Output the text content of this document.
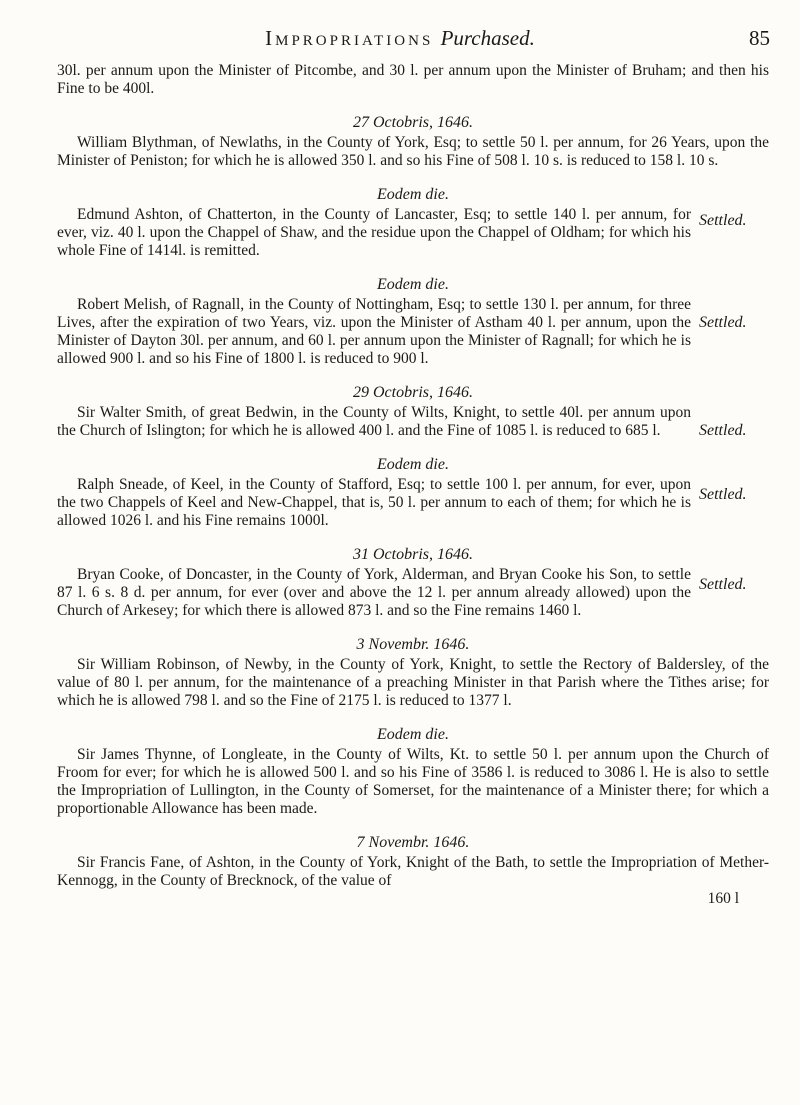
Impropriations Purchased.	85

30l. per annum upon the Minister of Pitcombe, and 30 l. per annum upon the Minister of Bruham; and then his Fine to be 400l.

27 Octobris, 1646.

William Blythman, of Newlaths, in the County of York, Esq; to settle 50 l. per annum, for 26 Years, upon the Minister of Peniston; for which he is allowed 350 l. and so his Fine of 508 l. 10 s. is reduced to 158 l. 10 s.

Eodem die.
Settled.

Edmund Ashton, of Chatterton, in the County of Lancaster, Esq; to settle 140 l. per annum, for ever, viz. 40 l. upon the Chappel of Shaw, and the residue upon the Chappel of Oldham; for which his whole Fine of 1414l. is remitted.

Eodem die.
Settled.

Robert Melish, of Ragnall, in the County of Nottingham, Esq; to settle 130 l. per annum, for three Lives, after the expiration of two Years, viz. upon the Minister of Astham 40 l. per annum, upon the Minister of Dayton 30l. per annum, and 60 l. per annum upon the Minister of Ragnall; for which he is allowed 900 l. and so his Fine of 1800 l. is reduced to 900 l.

29 Octobris, 1646.
Settled.

Sir Walter Smith, of great Bedwin, in the County of Wilts, Knight, to settle 40l. per annum upon the Church of Islington; for which he is allowed 400 l. and the Fine of 1085 l. is reduced to 685 l.

Eodem die.
Settled.

Ralph Sneade, of Keel, in the County of Stafford, Esq; to settle 100 l. per annum, for ever, upon the two Chappels of Keel and New-Chappel, that is, 50 l. per annum to each of them; for which he is allowed 1026 l. and his Fine remains 1000l.

31 Octobris, 1646.
Settled.

Bryan Cooke, of Doncaster, in the County of York, Alderman, and Bryan Cooke his Son, to settle 87 l. 6 s. 8 d. per annum, for ever (over and above the 12 l. per annum already allowed) upon the Church of Arkesey; for which there is allowed 873 l. and so the Fine remains 1460 l.

3 Novembr. 1646.

Sir William Robinson, of Newby, in the County of York, Knight, to settle the Rectory of Baldersley, of the value of 80 l. per annum, for the maintenance of a preaching Minister in that Parish where the Tithes arise; for which he is allowed 798 l. and so the Fine of 2175 l. is reduced to 1377 l.

Eodem die.

Sir James Thynne, of Longleate, in the County of Wilts, Kt. to settle 50 l. per annum upon the Church of Froom for ever; for which he is allowed 500 l. and so his Fine of 3586 l. is reduced to 3086 l. He is also to settle the Impropriation of Lullington, in the County of Somerset, for the maintenance of a Minister there; for which a proportionable Allowance has been made.

7 Novembr. 1646.

Sir Francis Fane, of Ashton, in the County of York, Knight of the Bath, to settle the Impropriation of Mether-Kennogg, in the County of Brecknock, of the value of

160 l
